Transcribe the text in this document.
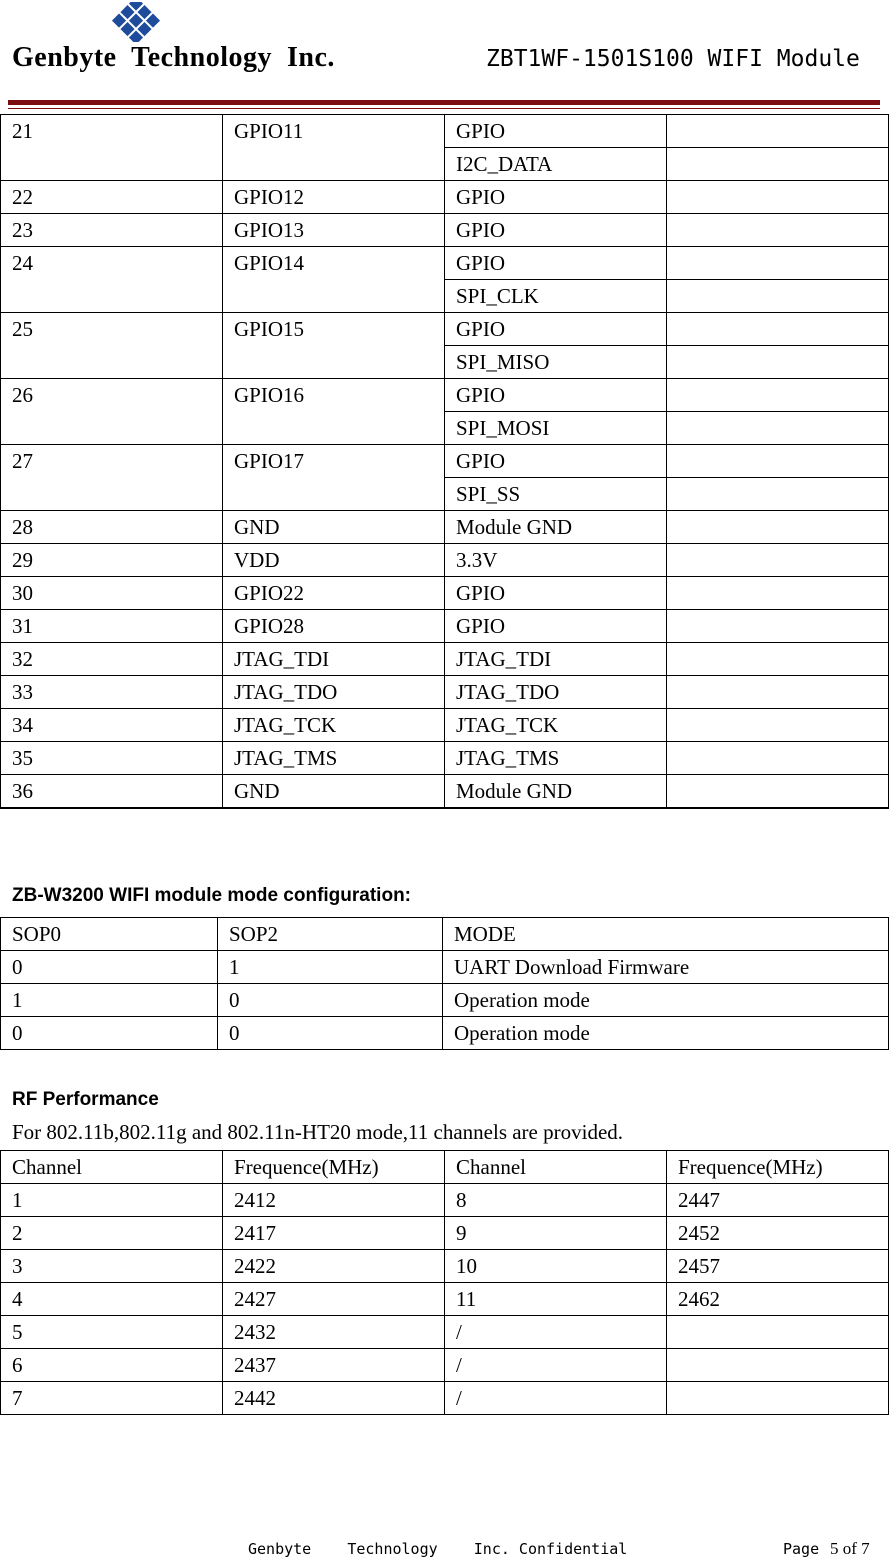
Genbyte  Technology  Inc.	ZBT1WF-1501S100 WIFI Module
21	GPIO11	GPIO	
		I2C_DATA	
22	GPIO12	GPIO	
23	GPIO13	GPIO	
24	GPIO14	GPIO	
		SPI_CLK	
25	GPIO15	GPIO	
		SPI_MISO	
26	GPIO16	GPIO	
		SPI_MOSI	
27	GPIO17	GPIO	
		SPI_SS	
28	GND	Module GND	
29	VDD	3.3V	
30	GPIO22	GPIO	
31	GPIO28	GPIO	
32	JTAG_TDI	JTAG_TDI	
33	JTAG_TDO	JTAG_TDO	
34	JTAG_TCK	JTAG_TCK	
35	JTAG_TMS	JTAG_TMS	
36	GND	Module GND	
ZB-W3200 WIFI module mode configuration:
SOP0	SOP2	MODE
0	1	UART Download Firmware
1	0	Operation mode
0	0	Operation mode
RF Performance
For 802.11b,802.11g and 802.11n-HT20 mode,11 channels are provided.
Channel	Frequence(MHz)	Channel	Frequence(MHz)
1	2412	8	2447
2	2417	9	2452
3	2422	10	2457
4	2427	11	2462
5	2432	/	
6	2437	/	
7	2442	/	
Genbyte    Technology    Inc. Confidential	Page 5 of 7
